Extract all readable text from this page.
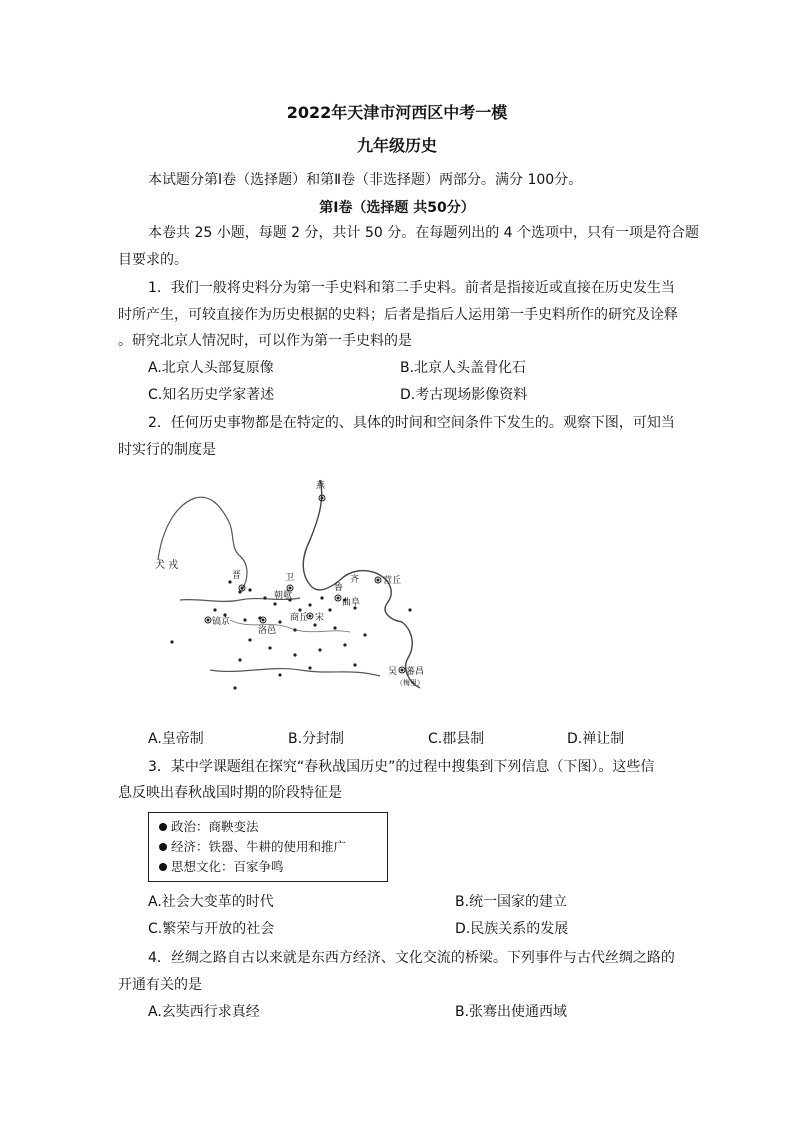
2022年天津市河西区中考一模
九年级历史
本试题分第Ⅰ卷（选择题）和第Ⅱ卷（非选择题）两部分。满分 100分。
第Ⅰ卷（选择题 共50分）
本卷共 25 小题，每题 2 分，共计 50 分。在每题列出的 4 个选项中，只有一项是符合题
目要求的。
1．我们一般将史料分为第一手史料和第二手史料。前者是指接近或直接在历史发生当
时所产生，可较直接作为历史根据的史料；后者是指后人运用第一手史料所作的研究及诠释
。研究北京人情况时，可以作为第一手史料的是
A.北京人头部复原像	B.北京人头盖骨化石
C.知名历史学家著述	D.考古现场影像资料
2．任何历史事物都是在特定的、具体的时间和空间条件下发生的。观察下图，可知当
时实行的制度是
燕
犬 戎
齐	营丘
晋	卫
朝歌
鲁
曲阜
镐京
洛邑
商丘 宋
吴 蕃昌
（梅里）
A.皇帝制	B.分封制	C.郡县制	D.禅让制
3．某中学课题组在探究“春秋战国历史”的过程中搜集到下列信息（下图）。这些信
息反映出春秋战国时期的阶段特征是
政治：商鞅变法
经济：铁器、牛耕的使用和推广
思想文化：百家争鸣
A.社会大变革的时代	B.统一国家的建立
C.繁荣与开放的社会	D.民族关系的发展
4．丝绸之路自古以来就是东西方经济、文化交流的桥梁。下列事件与古代丝绸之路的
开通有关的是
A.玄奘西行求真经	B.张骞出使通西域
